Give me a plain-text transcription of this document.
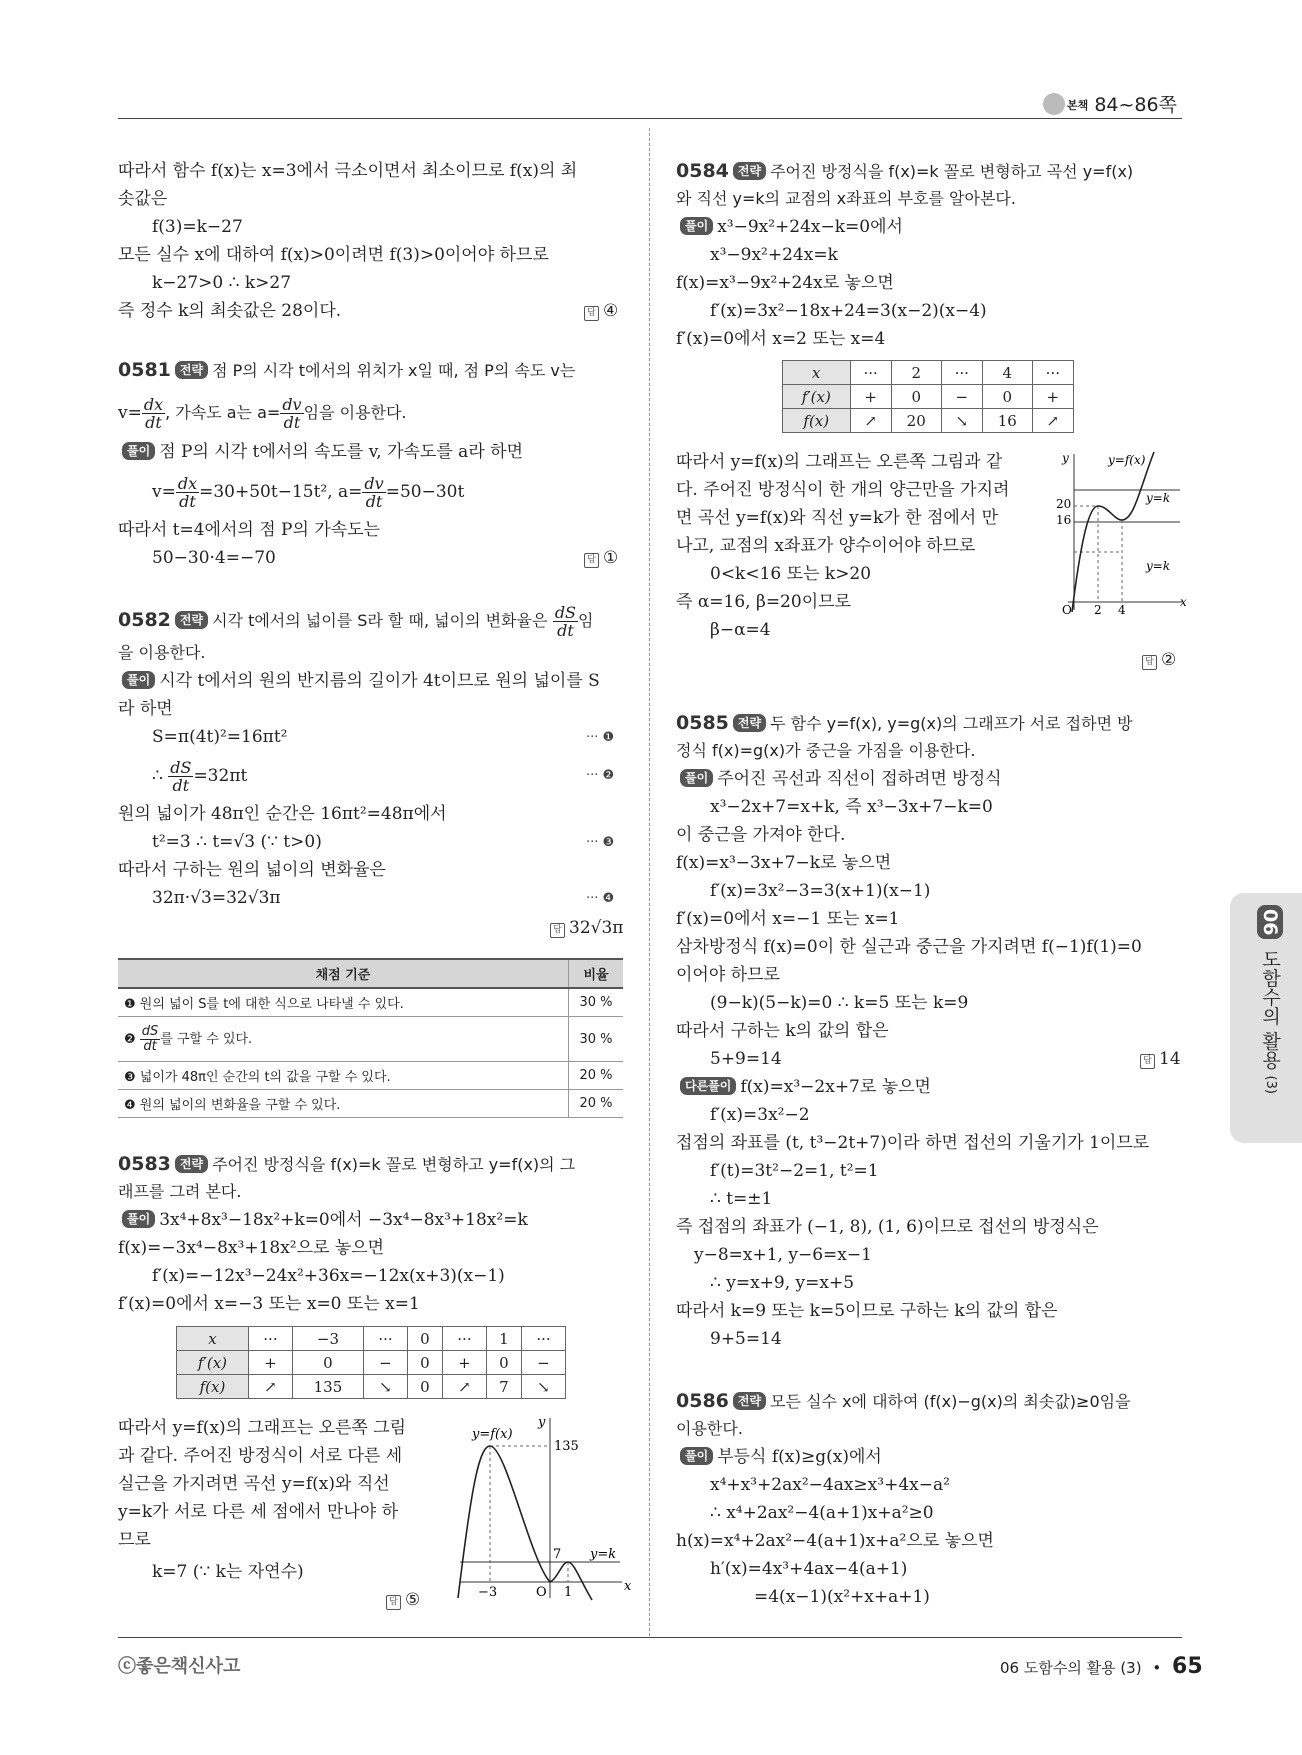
본책 84~86쪽
06도함수의 활용 (3)
따라서 함수 f(x)는 x=3에서 극소이면서 최소이므로 f(x)의 최
솟값은
f(3)=k−27
모든 실수 x에 대하여 f(x)>0이려면 f(3)>0이어야 하므로
k−27>0 ∴ k>27
즉 정수 k의 최솟값은 28이다.	답 ④
0581 전략 점 P의 시각 t에서의 위치가 x일 때, 점 P의 속도 v는
$v= \frac{dx}{dt}$ , 가속도 a는 $a= \frac{dv}{dt}$ 임을 이용한다.
풀이 점 P의 시각 t에서의 속도를 v, 가속도를 a라 하면
$v= \frac{dx}{dt} =30+50t-15t^2$, $a= \frac{dv}{dt} =50-30t$
따라서 t=4에서의 점 P의 가속도는
50−30·4=−70	답 ①
0582 전략 시각 t에서의 넓이를 S라 할 때, 넓이의 변화율은 $\frac{dS}{dt}$ 임
을 이용한다.
풀이 시각 t에서의 원의 반지름의 길이가 4t이므로 원의 넓이를 S
라 하면
S=π(4t)²=16πt²	··· ❶
∴ $\frac{dS}{dt} =32\pi t$	··· ❷
원의 넓이가 48π인 순간은 16πt²=48π에서
t²=3 ∴ t=√3 (∵ t>0)	··· ❸
따라서 구하는 원의 넓이의 변화율은
32π·√3=32√3π	··· ❹
답 32√3π
채점 기준	비율
❶ 원의 넓이 S를 t에 대한 식으로 나타낼 수 있다.	30 %
❷ $\frac{dS}{dt}$ 를 구할 수 있다.	30 %
❸ 넓이가 48π인 순간의 t의 값을 구할 수 있다.	20 %
❹ 원의 넓이의 변화율을 구할 수 있다.	20 %
0583 전략 주어진 방정식을 f(x)=k 꼴로 변형하고 y=f(x)의 그
래프를 그려 본다.
풀이 3x⁴+8x³−18x²+k=0에서 −3x⁴−8x³+18x²=k
f(x)=−3x⁴−8x³+18x²으로 놓으면
f′(x)=−12x³−24x²+36x=−12x(x+3)(x−1)
f′(x)=0에서 x=−3 또는 x=0 또는 x=1
x	···	−3	···	0	···	1	···
f′(x)	+	0	−	0	+	0	−
f(x)	↗	135	↘	0	↗	7	↘
따라서 y=f(x)의 그래프는 오른쪽 그림
과 같다. 주어진 방정식이 서로 다른 세
실근을 가지려면 곡선 y=f(x)와 직선
y=k가 서로 다른 세 점에서 만나야 하
므로
k=7 (∵ k는 자연수)
답 ⑤
y=f(x)
y
x
135
7 y=k
−3	O 1
0584 전략 주어진 방정식을 f(x)=k 꼴로 변형하고 곡선 y=f(x)
와 직선 y=k의 교점의 x좌표의 부호를 알아본다.
풀이 x³−9x²+24x−k=0에서
x³−9x²+24x=k
f(x)=x³−9x²+24x로 놓으면
f′(x)=3x²−18x+24=3(x−2)(x−4)
f′(x)=0에서 x=2 또는 x=4
x	···	2	···	4	···
f′(x)	+	0	−	0	+
f(x)	↗	20	↘	16	↗
따라서 y=f(x)의 그래프는 오른쪽 그림과 같
다. 주어진 방정식이 한 개의 양근만을 가지려
면 곡선 y=f(x)와 직선 y=k가 한 점에서 만
나고, 교점의 x좌표가 양수이어야 하므로
0<k<16 또는 k>20
즉 α=16, β=20이므로
β−α=4
답 ②
y=f(x)
y
x
20
16
y=k
y=k
O 2 4
0585 전략 두 함수 y=f(x), y=g(x)의 그래프가 서로 접하면 방
정식 f(x)=g(x)가 중근을 가짐을 이용한다.
풀이 주어진 곡선과 직선이 접하려면 방정식
x³−2x+7=x+k, 즉 x³−3x+7−k=0
이 중근을 가져야 한다.
f(x)=x³−3x+7−k로 놓으면
f′(x)=3x²−3=3(x+1)(x−1)
f′(x)=0에서 x=−1 또는 x=1
삼차방정식 f(x)=0이 한 실근과 중근을 가지려면 f(−1)f(1)=0
이어야 하므로
(9−k)(5−k)=0 ∴ k=5 또는 k=9
따라서 구하는 k의 값의 합은
5+9=14	답 14
다른풀이 f(x)=x³−2x+7로 놓으면
f′(x)=3x²−2
접점의 좌표를 (t, t³−2t+7)이라 하면 접선의 기울기가 1이므로
f′(t)=3t²−2=1, t²=1
∴ t=±1
즉 접점의 좌표가 (−1, 8), (1, 6)이므로 접선의 방정식은
y−8=x+1, y−6=x−1
∴ y=x+9, y=x+5
따라서 k=9 또는 k=5이므로 구하는 k의 값의 합은
9+5=14
0586 전략 모든 실수 x에 대하여 (f(x)−g(x)의 최솟값)≥0임을
이용한다.
풀이 부등식 f(x)≥g(x)에서
x⁴+x³+2ax²−4ax≥x³+4x−a²
∴ x⁴+2ax²−4(a+1)x+a²≥0
h(x)=x⁴+2ax²−4(a+1)x+a²으로 놓으면
h′(x)=4x³+4ax−4(a+1)
=4(x−1)(x²+x+a+1)
ⓒ좋은책신사고	06 도함수의 활용 (3) • 65
